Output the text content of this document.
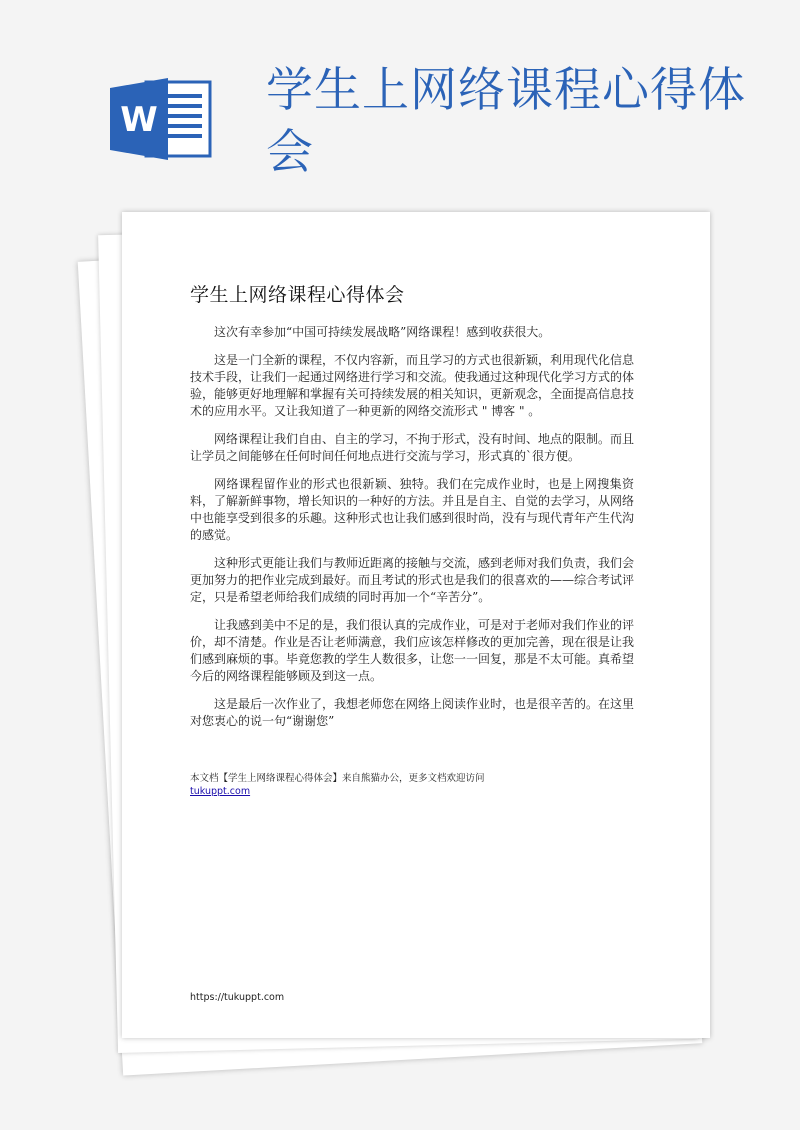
W
学生上网络课程心得体会
学生上网络课程心得体会

这次有幸参加“中国可持续发展战略”网络课程！感到收获很大。

这是一门全新的课程，不仅内容新，而且学习的方式也很新颖，利用现代化信息技术手段，让我们一起通过网络进行学习和交流。使我通过这种现代化学习方式的体验，能够更好地理解和掌握有关可持续发展的相关知识，更新观念，全面提高信息技术的应用水平。又让我知道了一种更新的网络交流形式 " 博客 " 。

网络课程让我们自由、自主的学习，不拘于形式，没有时间、地点的限制。而且让学员之间能够在任何时间任何地点进行交流与学习，形式真的`很方便。

网络课程留作业的形式也很新颖、独特。我们在完成作业时，也是上网搜集资料，了解新鲜事物，增长知识的一种好的方法。并且是自主、自觉的去学习，从网络中也能享受到很多的乐趣。这种形式也让我们感到很时尚，没有与现代青年产生代沟的感觉。

这种形式更能让我们与教师近距离的接触与交流，感到老师对我们负责，我们会更加努力的把作业完成到最好。而且考试的形式也是我们的很喜欢的——综合考试评定，只是希望老师给我们成绩的同时再加一个“辛苦分”。

让我感到美中不足的是，我们很认真的完成作业，可是对于老师对我们作业的评价，却不清楚。作业是否让老师满意，我们应该怎样修改的更加完善，现在很是让我们感到麻烦的事。毕竟您教的学生人数很多，让您一一回复，那是不太可能。真希望今后的网络课程能够顾及到这一点。

这是最后一次作业了，我想老师您在网络上阅读作业时，也是很辛苦的。在这里对您衷心的说一句“谢谢您”

本文档【学生上网络课程心得体会】来自熊猫办公，更多文档欢迎访问
tukuppt.com
https://tukuppt.com
